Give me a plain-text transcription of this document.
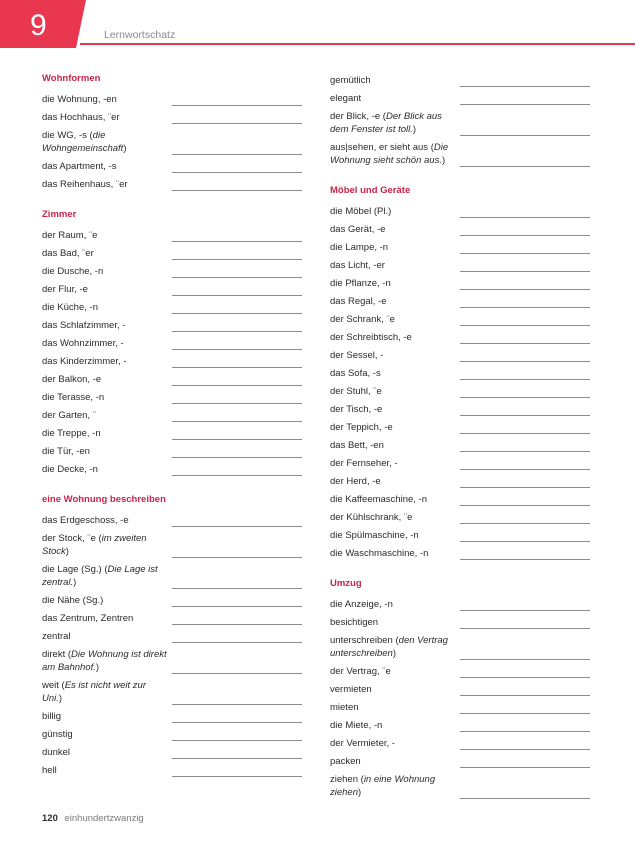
9	Lernwortschatz
Wohnformen
die Wohnung, -en
das Hochhaus, ¨er
die WG, -s (die Wohngemeinschaft)
das Apartment, -s
das Reihenhaus, ¨er
Zimmer
der Raum, ¨e
das Bad, ¨er
die Dusche, -n
der Flur, -e
die Küche, -n
das Schlafzimmer, -
das Wohnzimmer, -
das Kinderzimmer, -
der Balkon, -e
die Terasse, -n
der Garten, ¨
die Treppe, -n
die Tür, -en
die Decke, -n
eine Wohnung beschreiben
das Erdgeschoss, -e
der Stock, ¨e (im zweiten Stock)
die Lage (Sg.) (Die Lage ist zentral.)
die Nähe (Sg.)
das Zentrum, Zentren
zentral
direkt (Die Wohnung ist direkt am Bahnhof.)
weit (Es ist nicht weit zur Uni.)
billig
günstig
dunkel
hell
gemütlich
elegant
der Blick, -e (Der Blick aus dem Fenster ist toll.)
aus|sehen, er sieht aus (Die Wohnung sieht schön aus.)
Möbel und Geräte
die Möbel (Pl.)
das Gerät, -e
die Lampe, -n
das Licht, -er
die Pflanze, -n
das Regal, -e
der Schrank, ¨e
der Schreibtisch, -e
der Sessel, -
das Sofa, -s
der Stuhl, ¨e
der Tisch, -e
der Teppich, -e
das Bett, -en
der Fernseher, -
der Herd, -e
die Kaffeemaschine, -n
der Kühlschrank, ¨e
die Spülmaschine, -n
die Waschmaschine, -n
Umzug
die Anzeige, -n
besichtigen
unterschreiben (den Vertrag unterschreiben)
der Vertrag, ¨e
vermieten
mieten
die Miete, -n
der Vermieter, -
packen
ziehen (in eine Wohnung ziehen)
120 einhundertzwanzig
